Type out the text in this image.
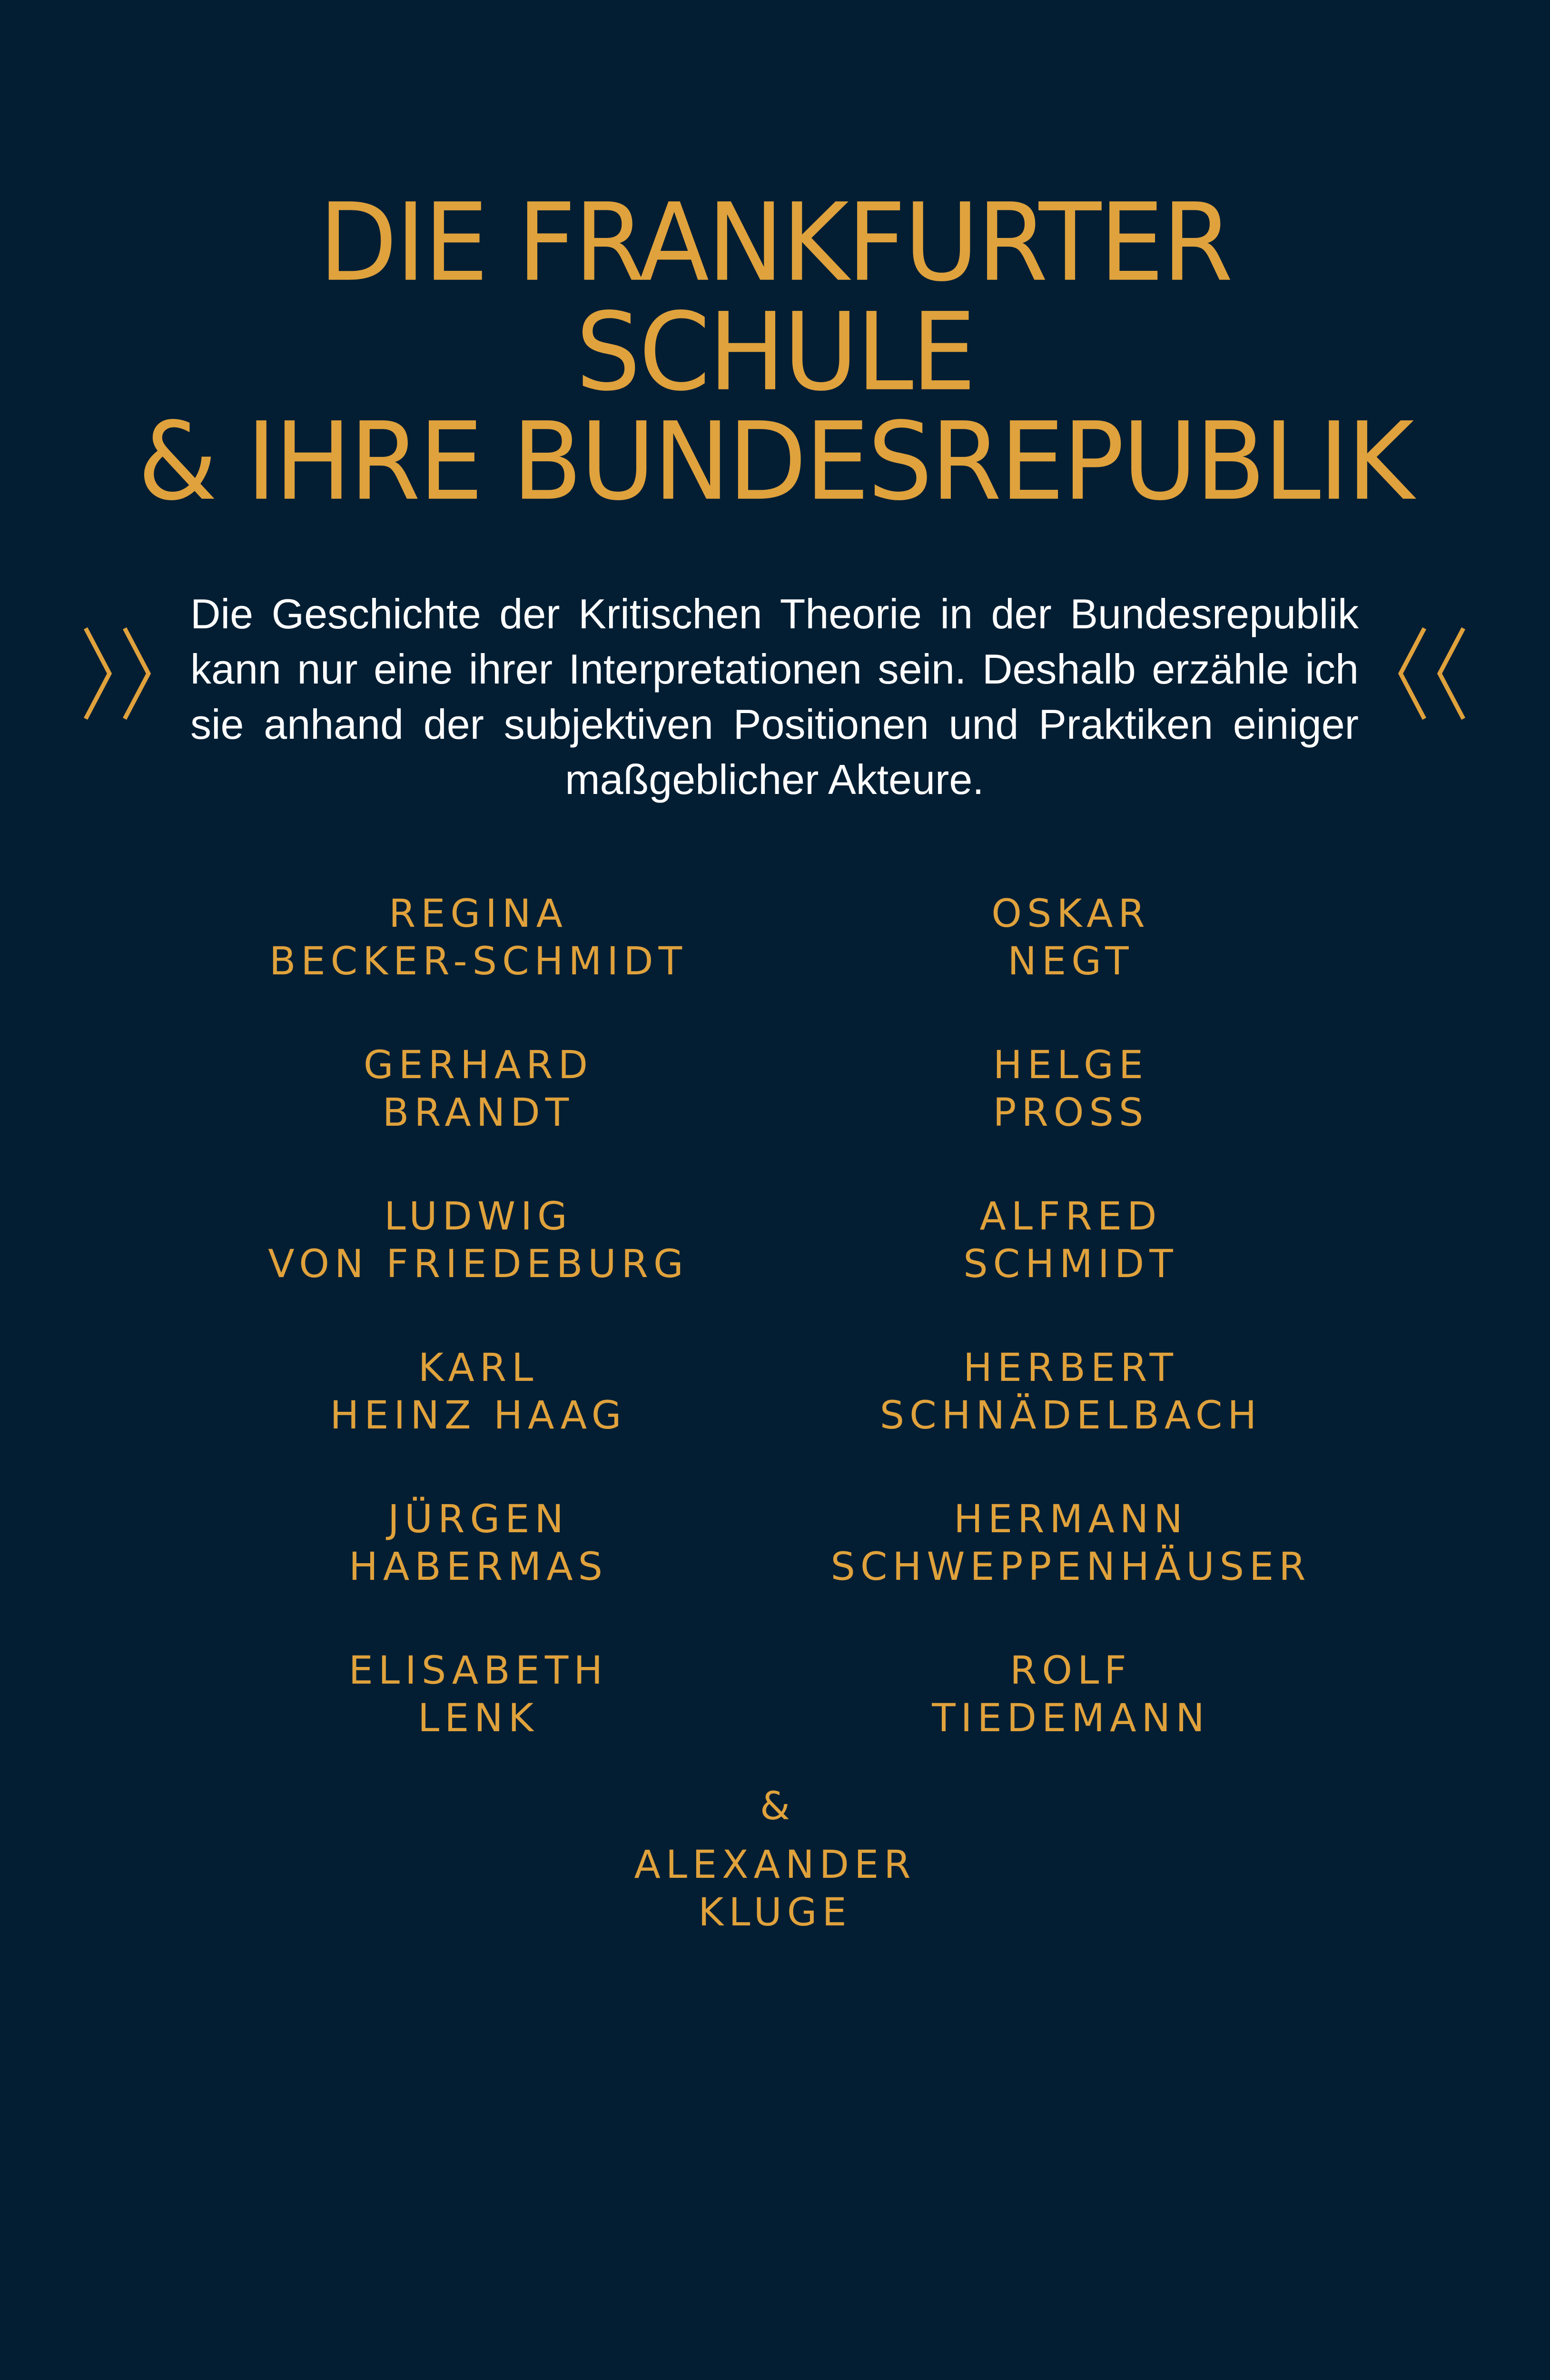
DIE FRANKFURTER
SCHULE
& IHRE BUNDESREPUBLIK
Die Geschichte der Kritischen Theorie in der Bundesrepublik kann nur eine ihrer Interpretationen sein. Deshalb erzähle ich sie anhand der subjektiven Positionen und Praktiken einiger maßgeblicher Akteure.
REGINA
BECKER-SCHMIDT
GERHARD
BRANDT
LUDWIG
VON FRIEDEBURG
KARL
HEINZ HAAG
JÜRGEN
HABERMAS
ELISABETH
LENK
OSKAR
NEGT
HELGE
PROSS
ALFRED
SCHMIDT
HERBERT
SCHNÄDELBACH
HERMANN
SCHWEPPENHÄUSER
ROLF
TIEDEMANN
&
ALEXANDER
KLUGE
